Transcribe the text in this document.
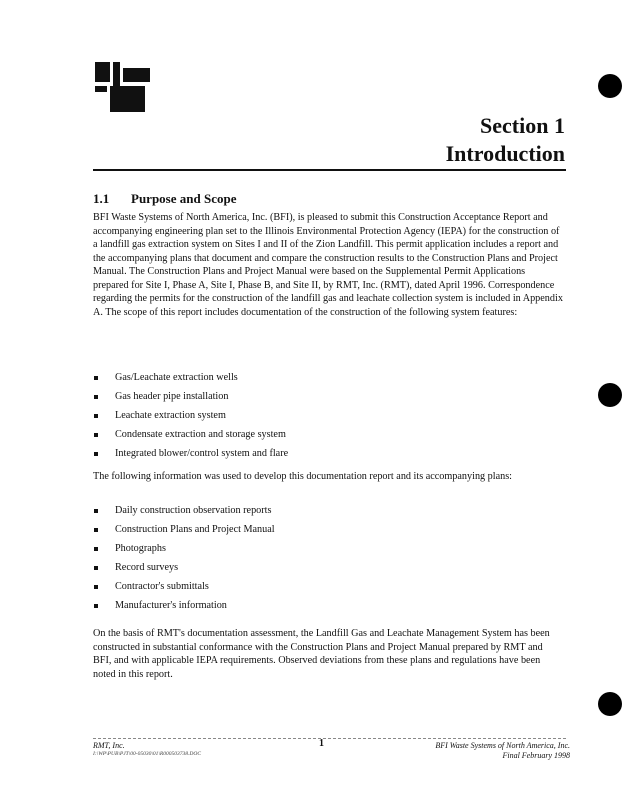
Section 1
Introduction
1.1 Purpose and Scope
BFI Waste Systems of North America, Inc. (BFI), is pleased to submit this Construction Acceptance Report and accompanying engineering plan set to the Illinois Environmental Protection Agency (IEPA) for the construction of a landfill gas extraction system on Sites I and II of the Zion Landfill. This permit application includes a report and the accompanying plans that document and compare the construction results to the Construction Plans and Project Manual. The Construction Plans and Project Manual were based on the Supplemental Permit Applications prepared for Site I, Phase A, Site I, Phase B, and Site II, by RMT, Inc. (RMT), dated April 1996. Correspondence regarding the permits for the construction of the landfill gas and leachate collection system is included in Appendix A. The scope of this report includes documentation of the construction of the following system features:
Gas/Leachate extraction wells
Gas header pipe installation
Leachate extraction system
Condensate extraction and storage system
Integrated blower/control system and flare
The following information was used to develop this documentation report and its accompanying plans:
Daily construction observation reports
Construction Plans and Project Manual
Photographs
Record surveys
Contractor's submittals
Manufacturer's information
On the basis of RMT's documentation assessment, the Landfill Gas and Leachate Management System has been constructed in substantial conformance with the Construction Plans and Project Manual prepared by RMT and BFI, and with applicable IEPA requirements. Observed deviations from these plans and regulations have been noted in this report.
RMT, Inc.
I:\WP\PUB\PJT\00-05030\01\R000503738.DOC
1	BFI Waste Systems of North America, Inc.
Final February 1998
